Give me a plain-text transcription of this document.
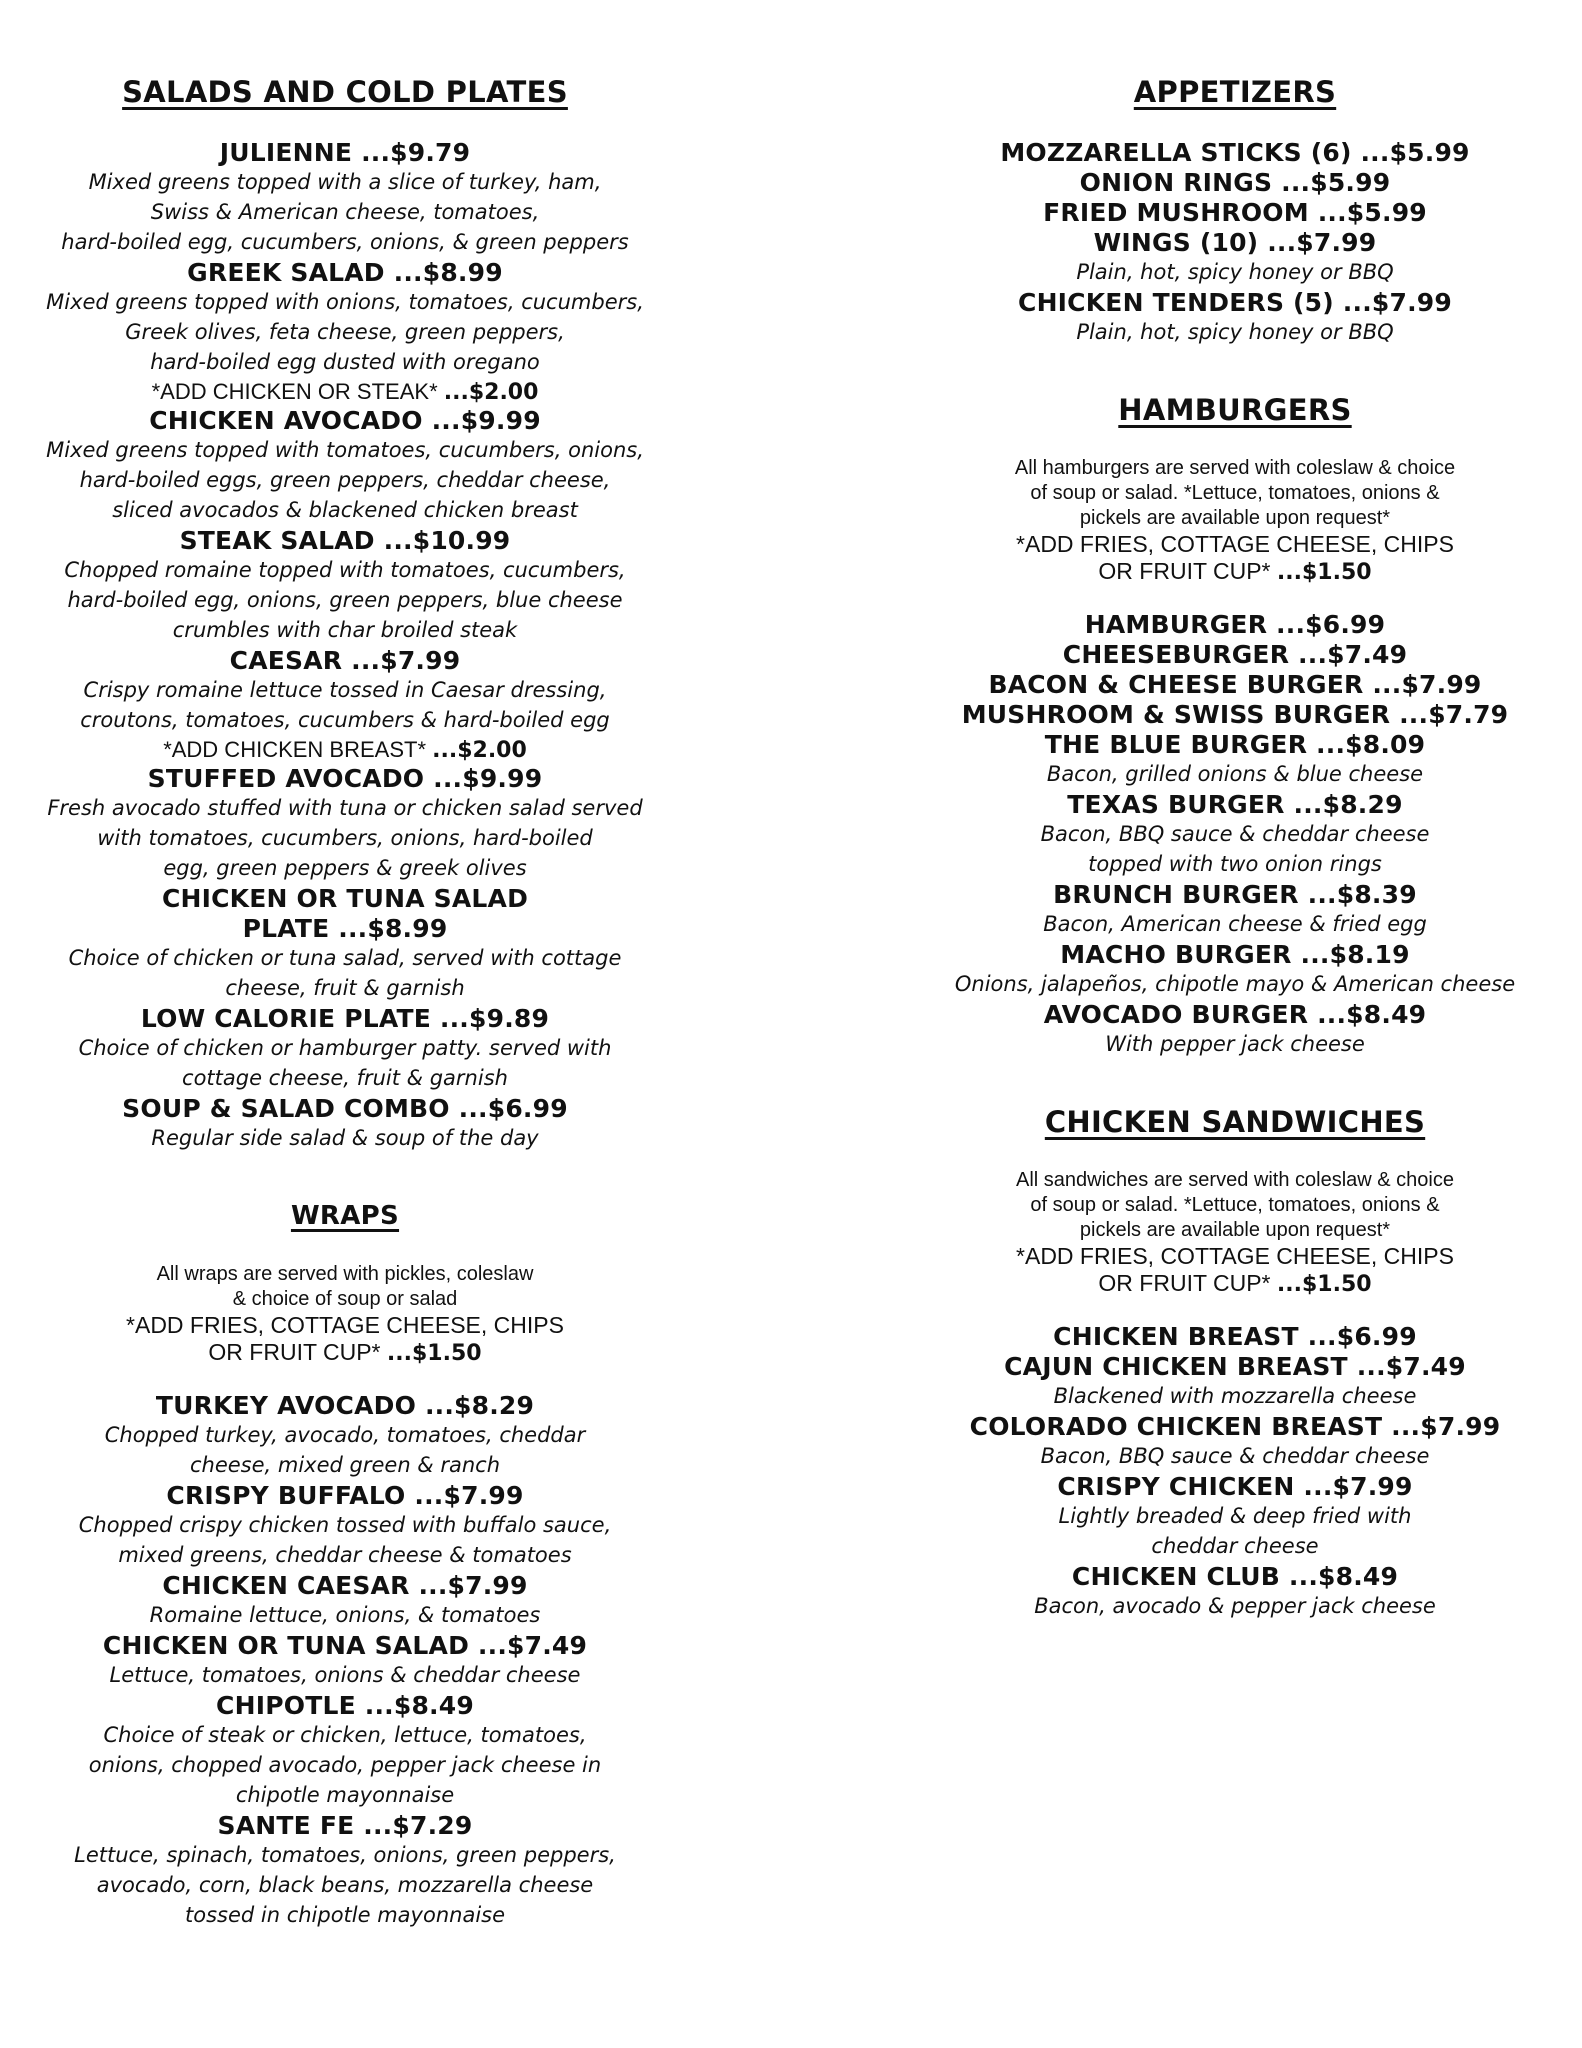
SALADS AND COLD PLATES
JULIENNE ...$9.79
Mixed greens topped with a slice of turkey, ham,
Swiss & American cheese, tomatoes,
hard-boiled egg, cucumbers, onions, & green peppers
GREEK SALAD ...$8.99
Mixed greens topped with onions, tomatoes, cucumbers,
Greek olives, feta cheese, green peppers,
hard-boiled egg dusted with oregano
*ADD CHICKEN OR STEAK* ...$2.00
CHICKEN AVOCADO ...$9.99
Mixed greens topped with tomatoes, cucumbers, onions,
hard-boiled eggs, green peppers, cheddar cheese,
sliced avocados & blackened chicken breast
STEAK SALAD ...$10.99
Chopped romaine topped with tomatoes, cucumbers,
hard-boiled egg, onions, green peppers, blue cheese
crumbles with char broiled steak
CAESAR ...$7.99
Crispy romaine lettuce tossed in Caesar dressing,
croutons, tomatoes, cucumbers & hard-boiled egg
*ADD CHICKEN BREAST* ...$2.00
STUFFED AVOCADO ...$9.99
Fresh avocado stuffed with tuna or chicken salad served
with tomatoes, cucumbers, onions, hard-boiled
egg, green peppers & greek olives
CHICKEN OR TUNA SALAD
PLATE ...$8.99
Choice of chicken or tuna salad, served with cottage
cheese, fruit & garnish
LOW CALORIE PLATE ...$9.89
Choice of chicken or hamburger patty. served with
cottage cheese, fruit & garnish
SOUP & SALAD COMBO ...$6.99
Regular side salad & soup of the day
WRAPS
All wraps are served with pickles, coleslaw
& choice of soup or salad
*ADD FRIES, COTTAGE CHEESE, CHIPS
OR FRUIT CUP* ...$1.50
TURKEY AVOCADO ...$8.29
Chopped turkey, avocado, tomatoes, cheddar
cheese, mixed green & ranch
CRISPY BUFFALO ...$7.99
Chopped crispy chicken tossed with buffalo sauce,
mixed greens, cheddar cheese & tomatoes
CHICKEN CAESAR ...$7.99
Romaine lettuce, onions, & tomatoes
CHICKEN OR TUNA SALAD ...$7.49
Lettuce, tomatoes, onions & cheddar cheese
CHIPOTLE ...$8.49
Choice of steak or chicken, lettuce, tomatoes,
onions, chopped avocado, pepper jack cheese in
chipotle mayonnaise
SANTE FE ...$7.29
Lettuce, spinach, tomatoes, onions, green peppers,
avocado, corn, black beans, mozzarella cheese
tossed in chipotle mayonnaise
APPETIZERS
MOZZARELLA STICKS (6) ...$5.99
ONION RINGS ...$5.99
FRIED MUSHROOM ...$5.99
WINGS (10) ...$7.99
Plain, hot, spicy honey or BBQ
CHICKEN TENDERS (5) ...$7.99
Plain, hot, spicy honey or BBQ
HAMBURGERS
All hamburgers are served with coleslaw & choice
of soup or salad. *Lettuce, tomatoes, onions &
pickels are available upon request*
*ADD FRIES, COTTAGE CHEESE, CHIPS
OR FRUIT CUP* ...$1.50
HAMBURGER ...$6.99
CHEESEBURGER ...$7.49
BACON & CHEESE BURGER ...$7.99
MUSHROOM & SWISS BURGER ...$7.79
THE BLUE BURGER ...$8.09
Bacon, grilled onions & blue cheese
TEXAS BURGER ...$8.29
Bacon, BBQ sauce & cheddar cheese
topped with two onion rings
BRUNCH BURGER ...$8.39
Bacon, American cheese & fried egg
MACHO BURGER ...$8.19
Onions, jalapeños, chipotle mayo & American cheese
AVOCADO BURGER ...$8.49
With pepper jack cheese
CHICKEN SANDWICHES
All sandwiches are served with coleslaw & choice
of soup or salad. *Lettuce, tomatoes, onions &
pickels are available upon request*
*ADD FRIES, COTTAGE CHEESE, CHIPS
OR FRUIT CUP* ...$1.50
CHICKEN BREAST ...$6.99
CAJUN CHICKEN BREAST ...$7.49
Blackened with mozzarella cheese
COLORADO CHICKEN BREAST ...$7.99
Bacon, BBQ sauce & cheddar cheese
CRISPY CHICKEN ...$7.99
Lightly breaded & deep fried with
cheddar cheese
CHICKEN CLUB ...$8.49
Bacon, avocado & pepper jack cheese
